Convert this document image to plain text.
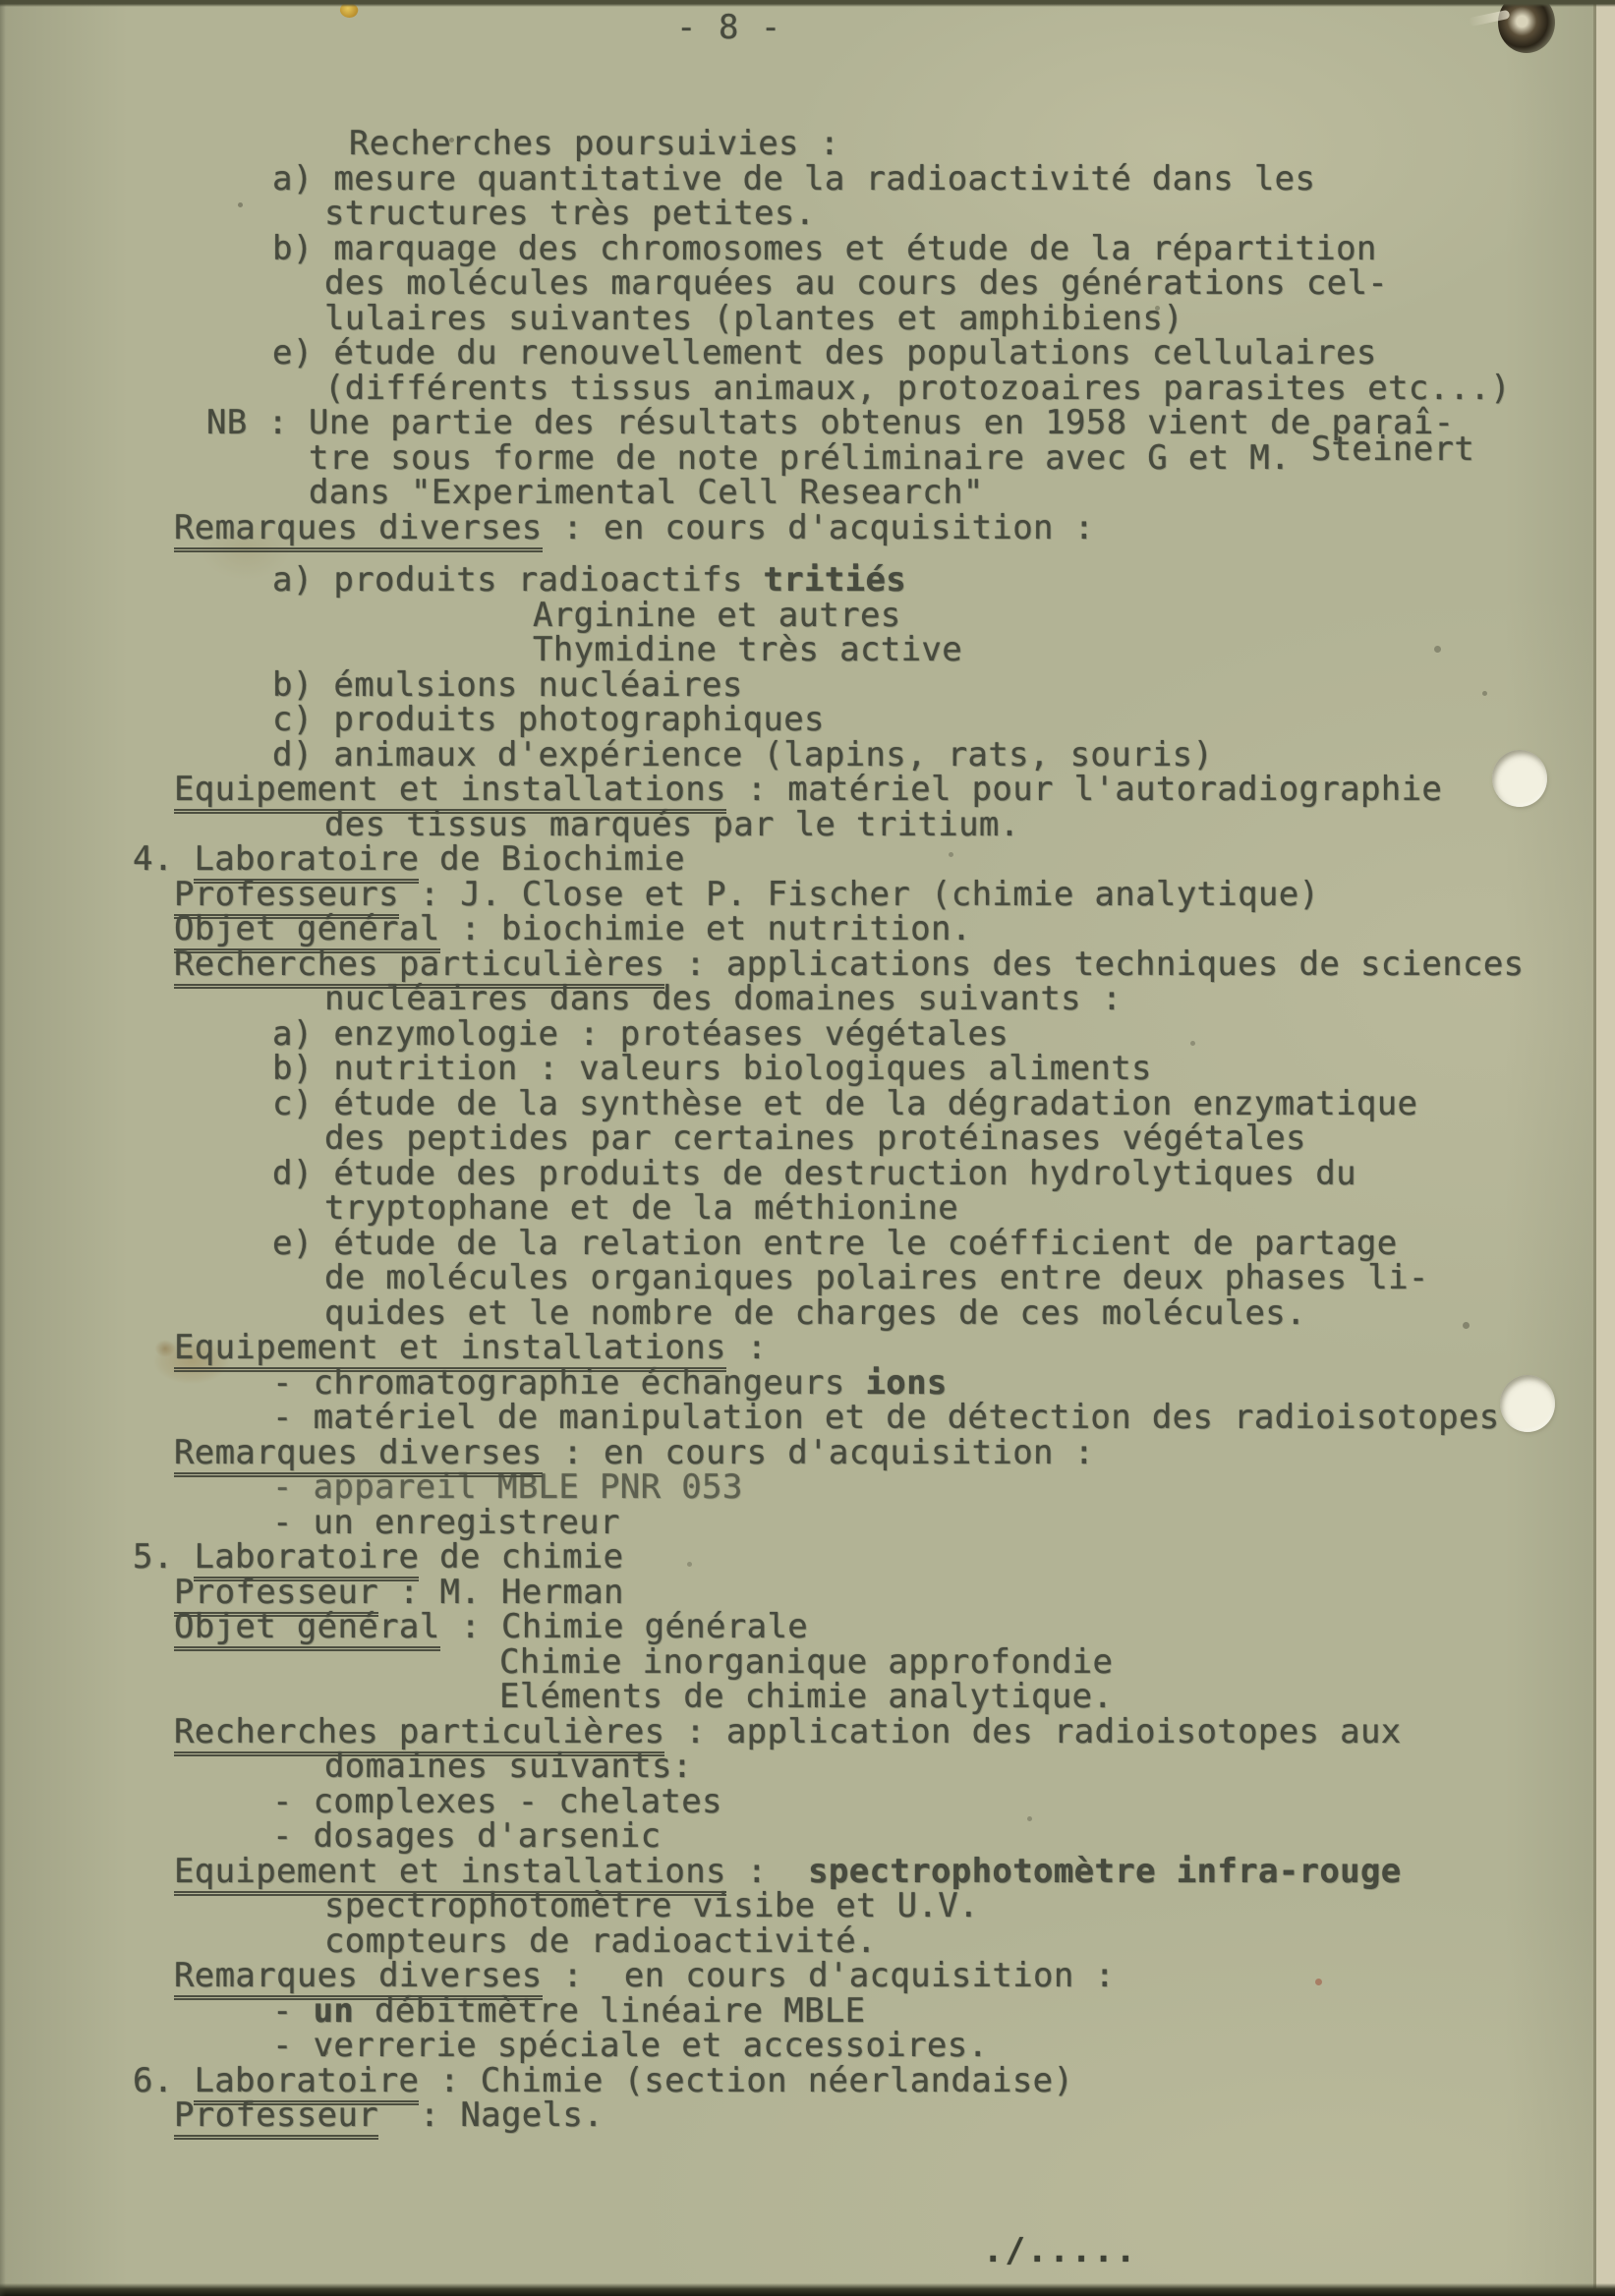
- 8 -
Recherches poursuivies :
a) mesure quantitative de la radioactivité dans les
structures très petites.
b) marquage des chromosomes et étude de la répartition
des molécules marquées au cours des générations cel-
lulaires suivantes (plantes et amphibiens)
e) étude du renouvellement des populations cellulaires
(différents tissus animaux, protozoaires parasites etc...)
NB : Une partie des résultats obtenus en 1958 vient de paraî-
tre sous forme de note préliminaire avec G et M. Steinert
dans "Experimental Cell Research"
Remarques diverses : en cours d'acquisition :
a) produits radioactifs tritiés
Arginine et autres
Thymidine très active
b) émulsions nucléaires
c) produits photographiques
d) animaux d'expérience (lapins, rats, souris)
Equipement et installations : matériel pour l'autoradiographie
des tissus marqués par le tritium.
4. Laboratoire de Biochimie
Professeurs : J. Close et P. Fischer (chimie analytique)
Objet général : biochimie et nutrition.
Recherches particulières : applications des techniques de sciences
nucléaires dans des domaines suivants :
a) enzymologie : protéases végétales
b) nutrition : valeurs biologiques aliments
c) étude de la synthèse et de la dégradation enzymatique
des peptides par certaines protéinases végétales
d) étude des produits de destruction hydrolytiques du
tryptophane et de la méthionine
e) étude de la relation entre le coéfficient de partage
de molécules organiques polaires entre deux phases li-
quides et le nombre de charges de ces molécules.
Equipement et installations :
- chromatographie échangeurs ions
- matériel de manipulation et de détection des radioisotopes
Remarques diverses : en cours d'acquisition :
- appareil MBLE PNR 053
- un enregistreur
5. Laboratoire de chimie
Professeur : M. Herman
Objet général : Chimie générale
Chimie inorganique approfondie
Eléments de chimie analytique.
Recherches particulières : application des radioisotopes aux
domaines suivants:
- complexes - chelates
- dosages d'arsenic
Equipement et installations :  spectrophotomètre infra-rouge
spectrophotomètre visibe et U.V.
compteurs de radioactivité.
Remarques diverses :  en cours d'acquisition :
- un débitmètre linéaire MBLE
- verrerie spéciale et accessoires.
6. Laboratoire : Chimie (section néerlandaise)
Professeur  : Nagels.
./.....
